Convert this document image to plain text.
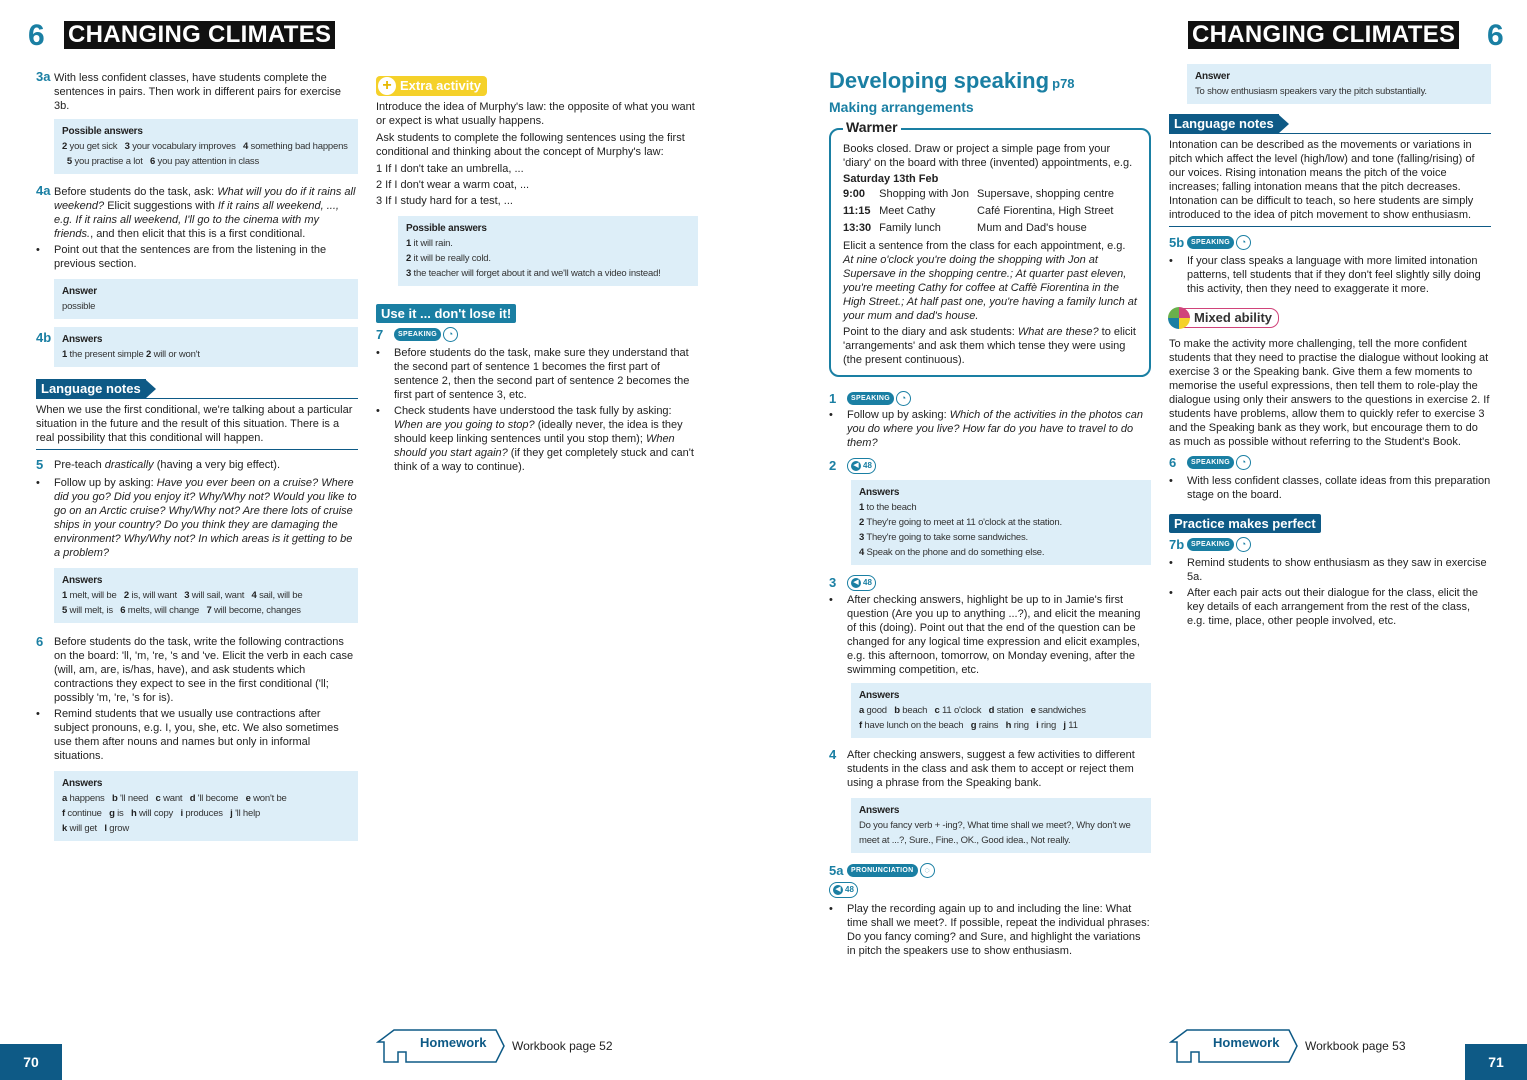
6 CHANGING CLIMATES
3a With less confident classes, have students complete the sentences in pairs. Then work in different pairs for exercise 3b.
Possible answers
2 you get sick 3 your vocabulary improves 4 something bad happens   5 you practise a lot 6 you pay attention in class
4a Before students do the task, ask: What will you do if it rains all weekend? Elicit suggestions with If it rains all weekend, ..., e.g. If it rains all weekend, I'll go to the cinema with my friends., and then elicit that this is a first conditional.
• Point out that the sentences are from the listening in the previous section.
Answer
possible
4b Answers
1 the present simple 2 will or won't
Language notes
When we use the first conditional, we're talking about a particular situation in the future and the result of this situation. There is a real possibility that this conditional will happen.
5 Pre-teach drastically (having a very big effect).
• Follow up by asking: Have you ever been on a cruise? Where did you go? Did you enjoy it? Why/Why not? Would you like to go on an Arctic cruise? Why/Why not? Are there lots of cruise ships in your country? Do you think they are damaging the environment? Why/Why not? In which areas is it getting to be a problem?
Answers
1 melt, will be 2 is, will want 3 will sail, want 4 sail, will be
5 will melt, is 6 melts, will change 7 will become, changes
6 Before students do the task, write the following contractions on the board: 'll, 'm, 're, 's and 've. Elicit the verb in each case (will, am, are, is/has, have), and ask students which contractions they expect to see in the first conditional ('ll; possibly 'm, 're, 's for is).
• Remind students that we usually use contractions after subject pronouns, e.g. I, you, she, etc. We also sometimes use them after nouns and names but only in informal situations.
Answers
a happens b 'll need c want d 'll become e won't be
f continue g is h will copy i produces j 'll help
k will get l grow
+ Extra activity
Introduce the idea of Murphy's law: the opposite of what you want or expect is what usually happens.
Ask students to complete the following sentences using the first conditional and thinking about the concept of Murphy's law:
1 If I don't take an umbrella, ...
2 If I don't wear a warm coat, ...
3 If I study hard for a test, ...
Possible answers
1 it will rain.
2 it will be really cold.
3 the teacher will forget about it and we'll watch a video instead!
Use it ... don't lose it!
7	SPEAKING	◔
• Before students do the task, make sure they understand that the second part of sentence 1 becomes the first part of sentence 2, then the second part of sentence 2 becomes the first part of sentence 3, etc.
• Check students have understood the task fully by asking: When are you going to stop? (ideally never, the idea is they should keep linking sentences until you stop them); When should you start again? (if they get completely stuck and can't think of a way to continue).
Homework Workbook page 52
70
CHANGING CLIMATES 6
Developing speaking p78
Making arrangements
Warmer
Books closed. Draw or project a simple page from your 'diary' on the board with three (invented) appointments, e.g.
Saturday 13th Feb
9:00	Shopping with Jon	Supersave, shopping centre
11:15	Meet Cathy	Café Fiorentina, High Street
13:30	Family lunch	Mum and Dad's house
Elicit a sentence from the class for each appointment, e.g. At nine o'clock you're doing the shopping with Jon at Supersave in the shopping centre.; At quarter past eleven, you're meeting Cathy for coffee at Caffè Fiorentina in the High Street.; At half past one, you're having a family lunch at your mum and dad's house.
Point to the diary and ask students: What are these? to elicit 'arrangements' and ask them which tense they were using (the present continuous).
1	SPEAKING	◔
• Follow up by asking: Which of the activities in the photos can you do where you live? How far do you have to travel to do them?
2	◀ 48
Answers
1 to the beach
2 They're going to meet at 11 o'clock at the station.
3 They're going to take some sandwiches.
4 Speak on the phone and do something else.
3	◀ 48
• After checking answers, highlight be up to in Jamie's first question (Are you up to anything ...?), and elicit the meaning of this (doing). Point out that the end of the question can be changed for any logical time expression and elicit examples, e.g. this afternoon, tomorrow, on Monday evening, after the swimming competition, etc.
Answers
a good b beach c 11 o'clock d station e sandwiches
f have lunch on the beach g rains h ring i ring j 11
4 After checking answers, suggest a few activities to different students in the class and ask them to accept or reject them using a phrase from the Speaking bank.
Answers
Do you fancy verb + -ing?, What time shall we meet?, Why don't we meet at ...?, Sure., Fine., OK., Good idea., Not really.
5a	PRONUNCIATION	◌
◀ 48
• Play the recording again up to and including the line: What time shall we meet?. If possible, repeat the individual phrases: Do you fancy coming? and Sure, and highlight the variations in pitch the speakers use to show enthusiasm.
Answer
To show enthusiasm speakers vary the pitch substantially.
Language notes
Intonation can be described as the movements or variations in pitch which affect the level (high/low) and tone (falling/rising) of our voices. Rising intonation means the pitch of the voice increases; falling intonation means that the pitch decreases. Intonation can be difficult to teach, so here students are simply introduced to the idea of pitch movement to show enthusiasm.
5b SPEAKING	◔
• If your class speaks a language with more limited intonation patterns, tell students that if they don't feel slightly silly doing this activity, then they need to exaggerate it more.
Mixed ability
To make the activity more challenging, tell the more confident students that they need to practise the dialogue without looking at exercise 3 or the Speaking bank. Give them a few moments to memorise the useful expressions, then tell them to role-play the dialogue using only their answers to the questions in exercise 2. If students have problems, allow them to quickly refer to exercise 3 and the Speaking bank as they work, but encourage them to do as much as possible without referring to the Student's Book.
6	SPEAKING	◔
• With less confident classes, collate ideas from this preparation stage on the board.
Practice makes perfect
7b SPEAKING	◔
• Remind students to show enthusiasm as they saw in exercise 5a.
• After each pair acts out their dialogue for the class, elicit the key details of each arrangement from the rest of the class, e.g. time, place, other people involved, etc.
Homework Workbook page 53
71
